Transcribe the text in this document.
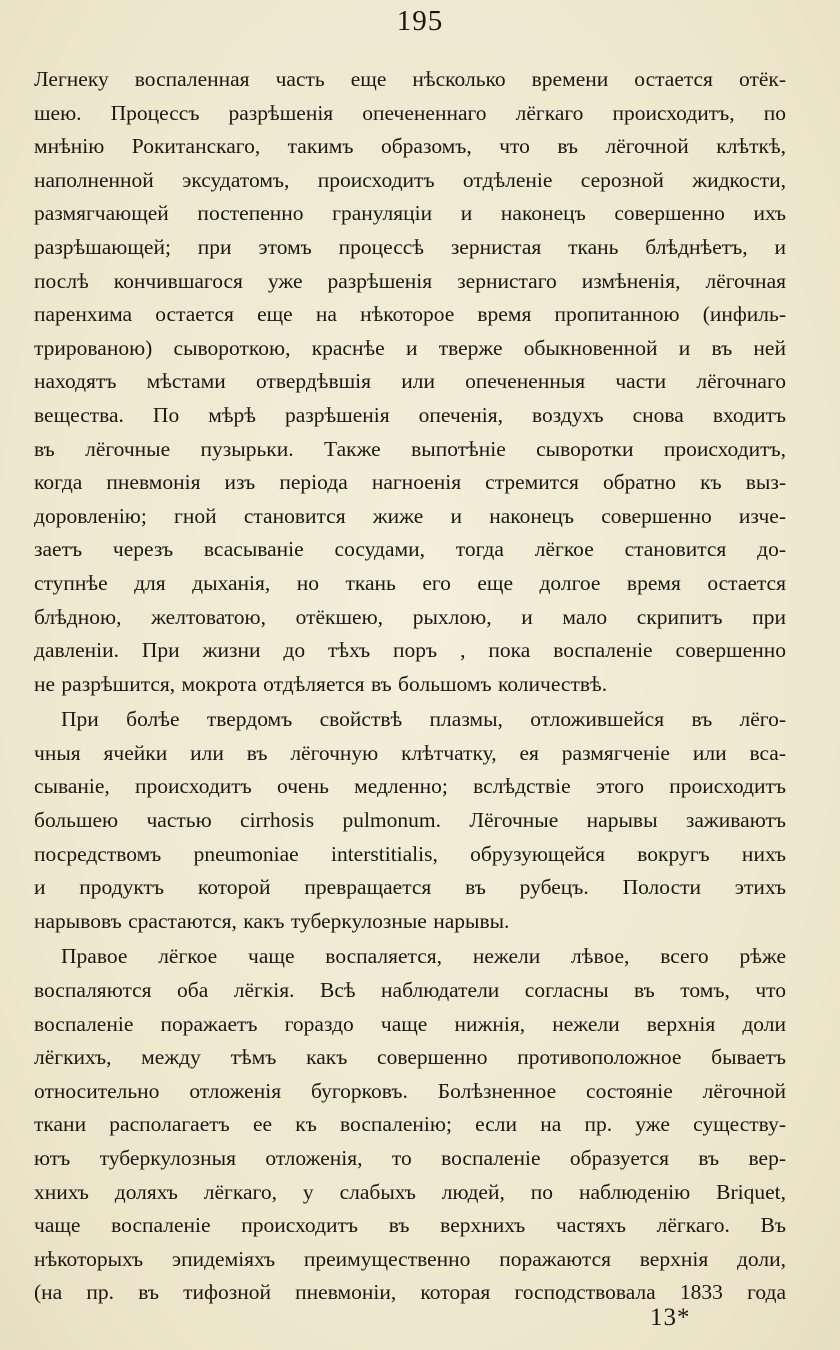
195
Легнеку воспаленная часть еще нѣсколько времени остается отёк-
шею. Процессъ разрѣшенія опечененнаго лёгкаго происходитъ, по
мнѣнію Рокитанскаго, такимъ образомъ, что въ лёгочной клѣткѣ,
наполненной эксудатомъ, происходитъ отдѣленіе серозной жидкости,
размягчающей постепенно грануляціи и наконецъ совершенно ихъ
разрѣшающей; при этомъ процессѣ зернистая ткань блѣднѣетъ, и
послѣ кончившагося уже разрѣшенія зернистаго измѣненія, лёгочная
паренхима остается еще на нѣкоторое время пропитанною (инфиль-
трированою) сывороткою, краснѣе и тверже обыкновенной и въ ней
находятъ мѣстами отвердѣвшія или опечененныя части лёгочнаго
вещества. По мѣрѣ разрѣшенія опеченія, воздухъ снова входитъ
въ лёгочные пузырьки. Также выпотѣніе сыворотки происходитъ,
когда пневмонія изъ періода нагноенія стремится обратно къ выз-
доровленію; гной становится жиже и наконецъ совершенно изче-
заетъ черезъ всасываніе сосудами, тогда лёгкое становится до-
ступнѣе для дыханія, но ткань его еще долгое время остается
блѣдною, желтоватою, отёкшею, рыхлою, и мало скрипитъ при
давленіи. При жизни до тѣхъ поръ , пока воспаленіе совершенно
не разрѣшится, мокрота отдѣляется въ большомъ количествѣ.
При болѣе твердомъ свойствѣ плазмы, отложившейся въ лёго-
чныя ячейки или въ лёгочную клѣтчатку, ея размягченіе или вса-
сываніе, происходитъ очень медленно; вслѣдствіе этого происходитъ
большею частью cirrhosis pulmonum. Лёгочные нарывы заживаютъ
посредствомъ pneumoniae interstitialis, обрузующейся вокругъ нихъ
и продуктъ которой превращается въ рубецъ. Полости этихъ
нарывовъ срастаются, какъ туберкулозные нарывы.
Правое лёгкое чаще воспаляется, нежели лѣвое, всего рѣже
воспаляются оба лёгкія. Всѣ наблюдатели согласны въ томъ, что
воспаленіе поражаетъ гораздо чаще нижнія, нежели верхнія доли
лёгкихъ, между тѣмъ какъ совершенно противоположное бываетъ
относительно отложенія бугорковъ. Болѣзненное состояніе лёгочной
ткани располагаетъ ее къ воспаленію; если на пр. уже существу-
ютъ туберкулозныя отложенія, то воспаленіе образуется въ вер-
хнихъ доляхъ лёгкаго, у слабыхъ людей, по наблюденію Briquet,
чаще воспаленіе происходитъ въ верхнихъ частяхъ лёгкаго. Въ
нѣкоторыхъ эпидеміяхъ преимущественно поражаются верхнія доли,
(на пр. въ тифозной пневмоніи, которая господствовала 1833 года
13*
